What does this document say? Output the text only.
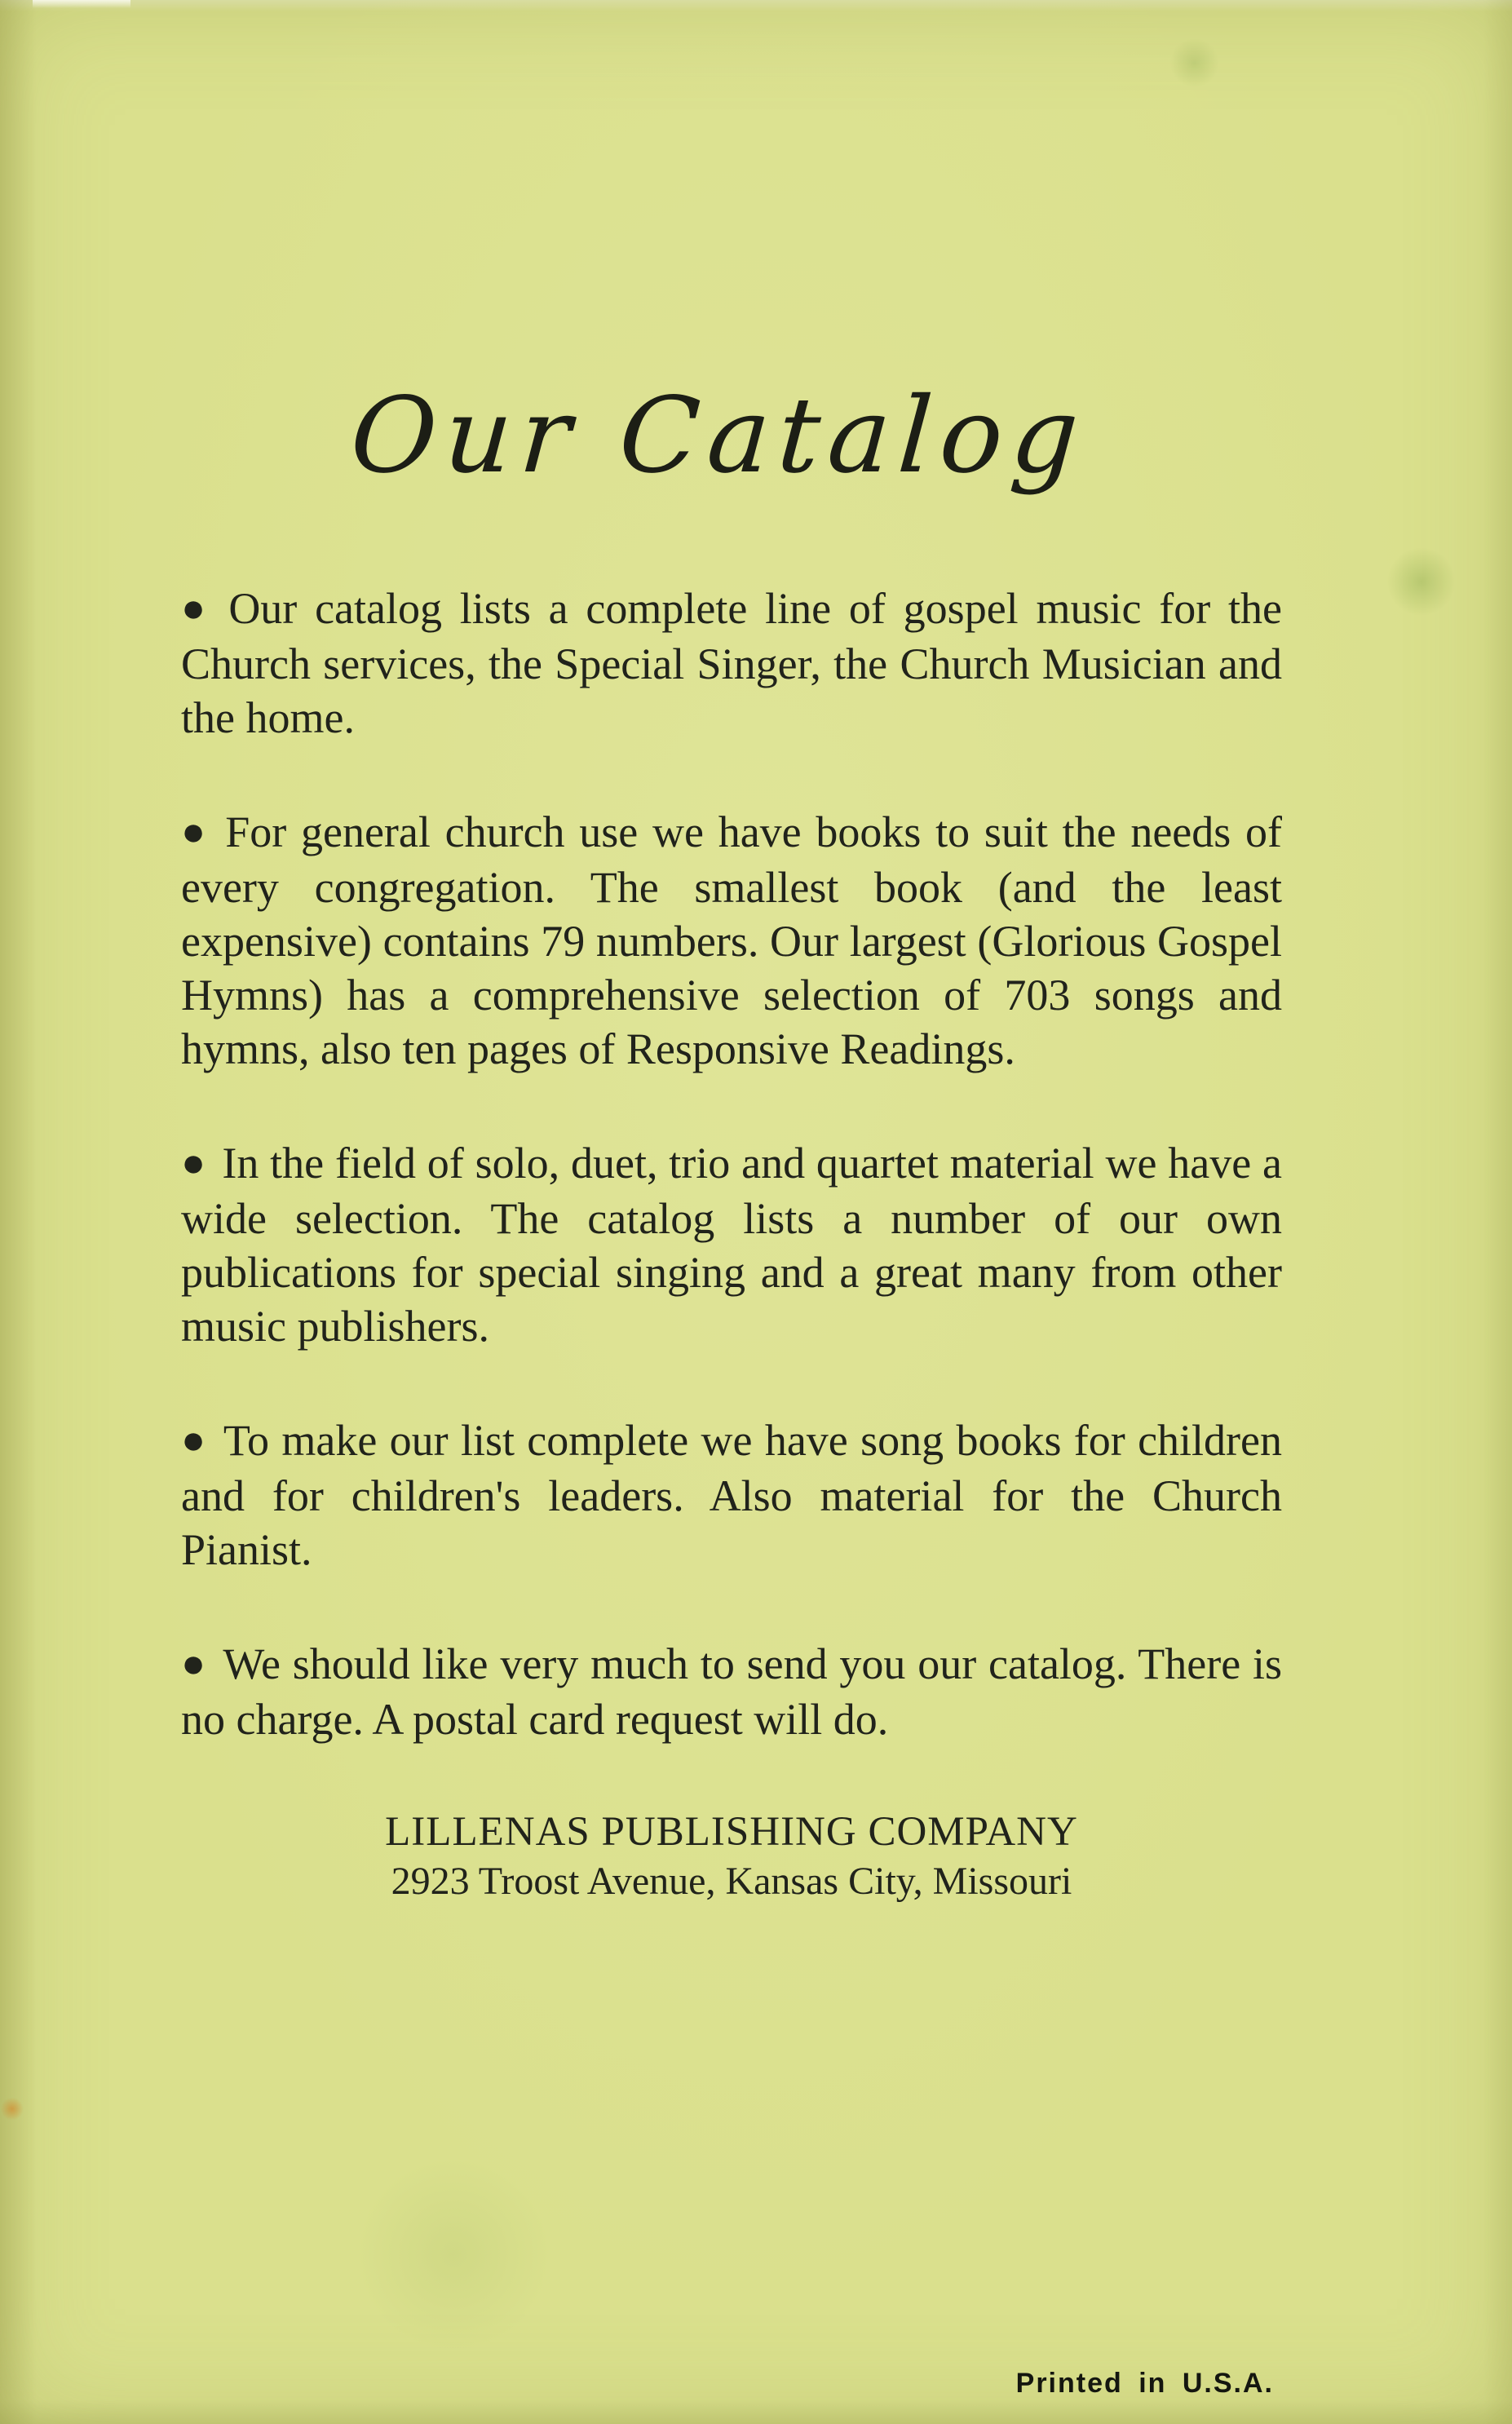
Our Catalog

● Our catalog lists a complete line of gospel music for the Church services, the Special Singer, the Church Musician and the home.

● For general church use we have books to suit the needs of every congregation. The smallest book (and the least expensive) contains 79 numbers. Our largest (Glorious Gospel Hymns) has a comprehensive selection of 703 songs and hymns, also ten pages of Responsive Readings.

● In the field of solo, duet, trio and quartet material we have a wide selection. The catalog lists a number of our own publications for special singing and a great many from other music publishers.

● To make our list complete we have song books for children and for children's leaders. Also material for the Church Pianist.

● We should like very much to send you our catalog. There is no charge. A postal card request will do.

LILLENAS PUBLISHING COMPANY
2923 Troost Avenue, Kansas City, Missouri
Printed in U.S.A.
